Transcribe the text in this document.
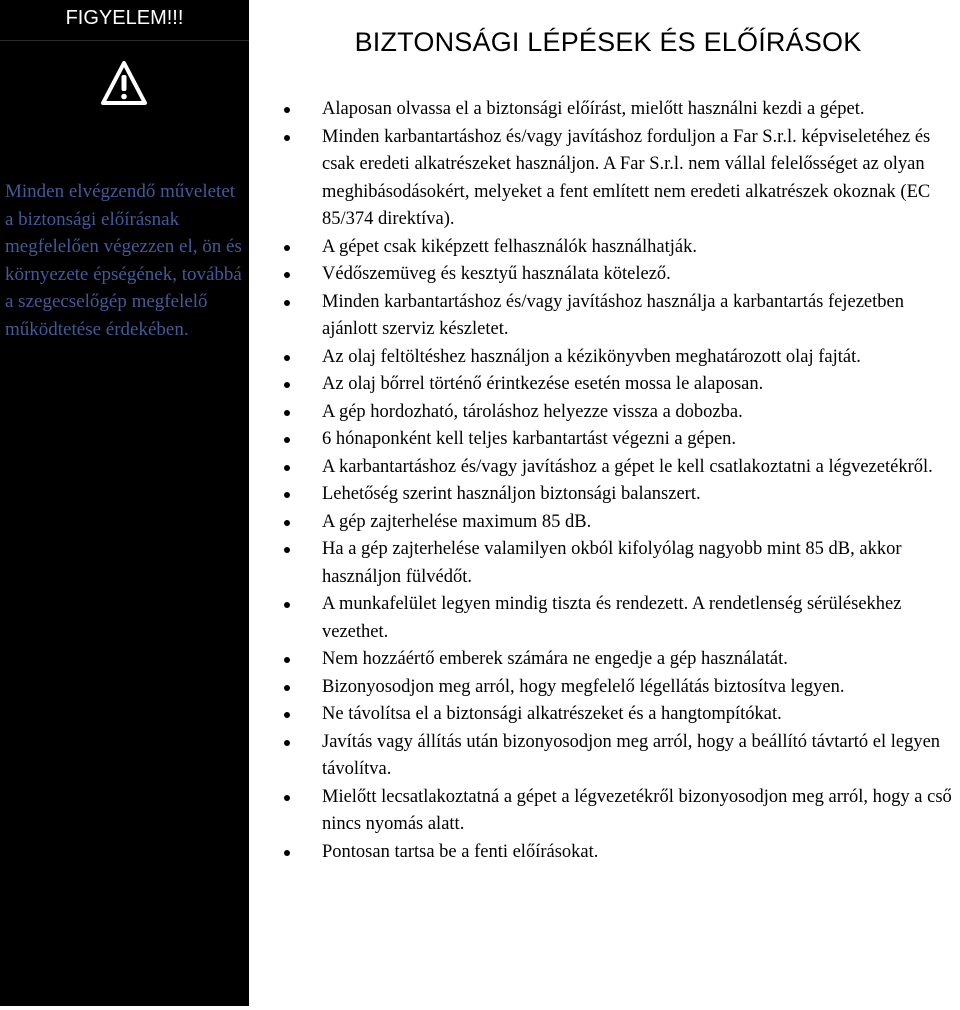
FIGYELEM!!!
Minden elvégzendő műveletet a biztonsági előírásnak megfelelően végezzen el, ön és környezete épségének, továbbá a szegecselőgép megfelelő működtetése érdekében.
BIZTONSÁGI LÉPÉSEK ÉS ELŐÍRÁSOK
Alaposan olvassa el a biztonsági előírást, mielőtt használni kezdi a gépet.
Minden karbantartáshoz és/vagy javításhoz forduljon a Far S.r.l. képviseletéhez és csak eredeti alkatrészeket használjon. A Far S.r.l. nem vállal felelősséget az olyan meghibásodásokért, melyeket a fent említett nem eredeti alkatrészek okoznak (EC 85/374 direktíva).
A gépet csak kiképzett felhasználók használhatják.
Védőszemüveg és kesztyű használata kötelező.
Minden karbantartáshoz és/vagy javításhoz használja a karbantartás fejezetben ajánlott szerviz készletet.
Az olaj feltöltéshez használjon a kézikönyvben meghatározott olaj fajtát.
Az olaj bőrrel történő érintkezése esetén mossa le alaposan.
A gép hordozható, tároláshoz helyezze vissza a dobozba.
6 hónaponként kell teljes karbantartást végezni a gépen.
A karbantartáshoz és/vagy javításhoz a gépet le kell csatlakoztatni a légvezetékről.
Lehetőség szerint használjon biztonsági balanszert.
A gép zajterhelése maximum 85 dB.
Ha a gép zajterhelése valamilyen okból kifolyólag nagyobb mint 85 dB, akkor használjon fülvédőt.
A munkafelület legyen mindig tiszta és rendezett. A rendetlenség sérülésekhez vezethet.
Nem hozzáértő emberek számára ne engedje a gép használatát.
Bizonyosodjon meg arról, hogy megfelelő légellátás biztosítva legyen.
Ne távolítsa el a biztonsági alkatrészeket és a hangtompítókat.
Javítás vagy állítás után bizonyosodjon meg arról, hogy a beállító távtartó el legyen távolítva.
Mielőtt lecsatlakoztatná a gépet a légvezetékről bizonyosodjon meg arról, hogy a cső nincs nyomás alatt.
Pontosan tartsa be a fenti előírásokat.
